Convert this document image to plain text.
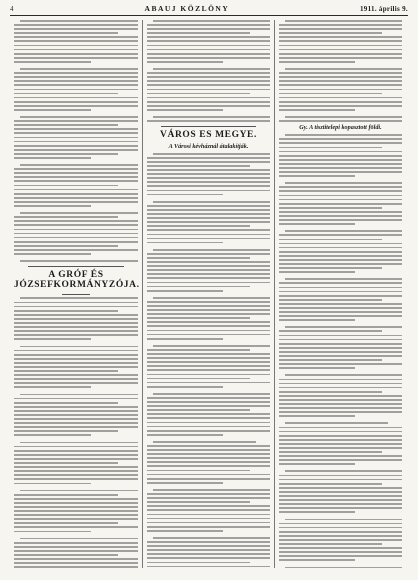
4	ABAUJ KÖZLÖNY	1911. április 9.
A GRÓF ÉS JÓZSEFKORMÁNYZÓJA.
VÁROS ES MEGYE.
A Városi kévháznál átalakítják.
Gy. A tisztitelepi kopasztott földi.
